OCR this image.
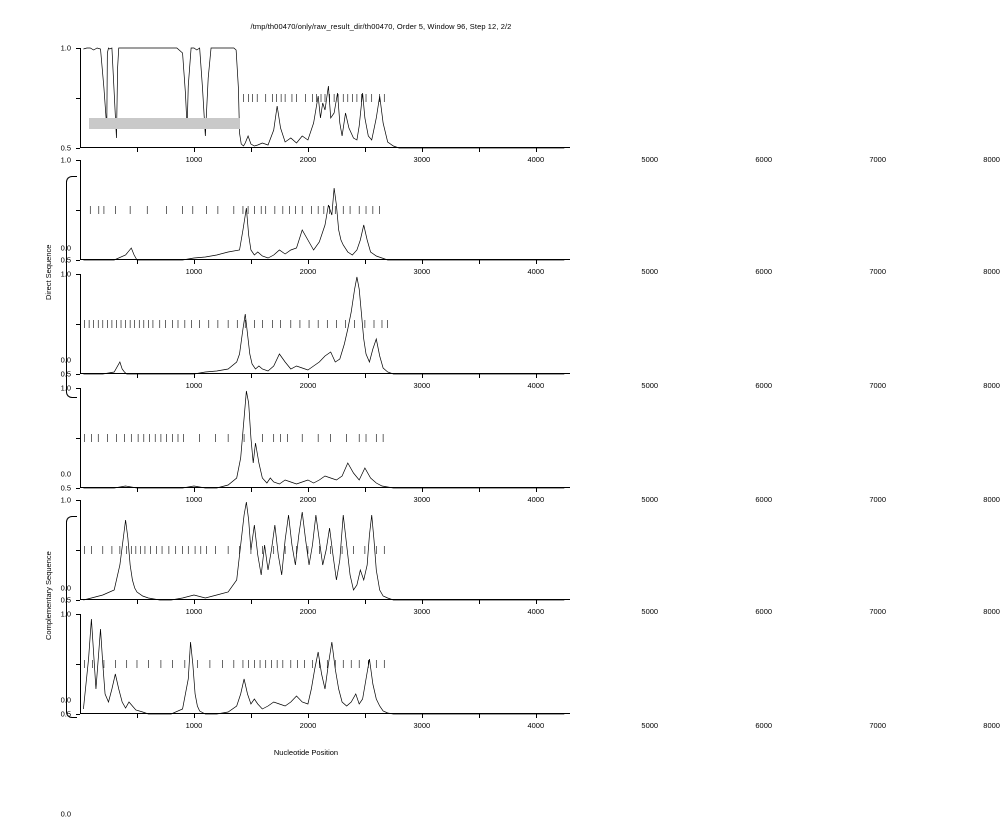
/tmp/th00470/only/raw_result_dir/th00470, Order 5, Window 96, Step 12, 2/2
0.0
0.5
1.0
1000	2000	3000	4000	5000	6000	7000	8000
0.0
0.5
1.0
1000	2000	3000	4000	5000	6000	7000	8000
0.0
0.5
1.0
1000	2000	3000	4000	5000	6000	7000	8000
0.0
0.5
1.0
1000	2000	3000	4000	5000	6000	7000	8000
0.0
0.5
1.0
1000	2000	3000	4000	5000	6000	7000	8000
0.0
0.5
1.0
1000	2000	3000	4000	5000	6000	7000	8000
Direct Sequence
Complementary Sequence
Nucleotide Position
